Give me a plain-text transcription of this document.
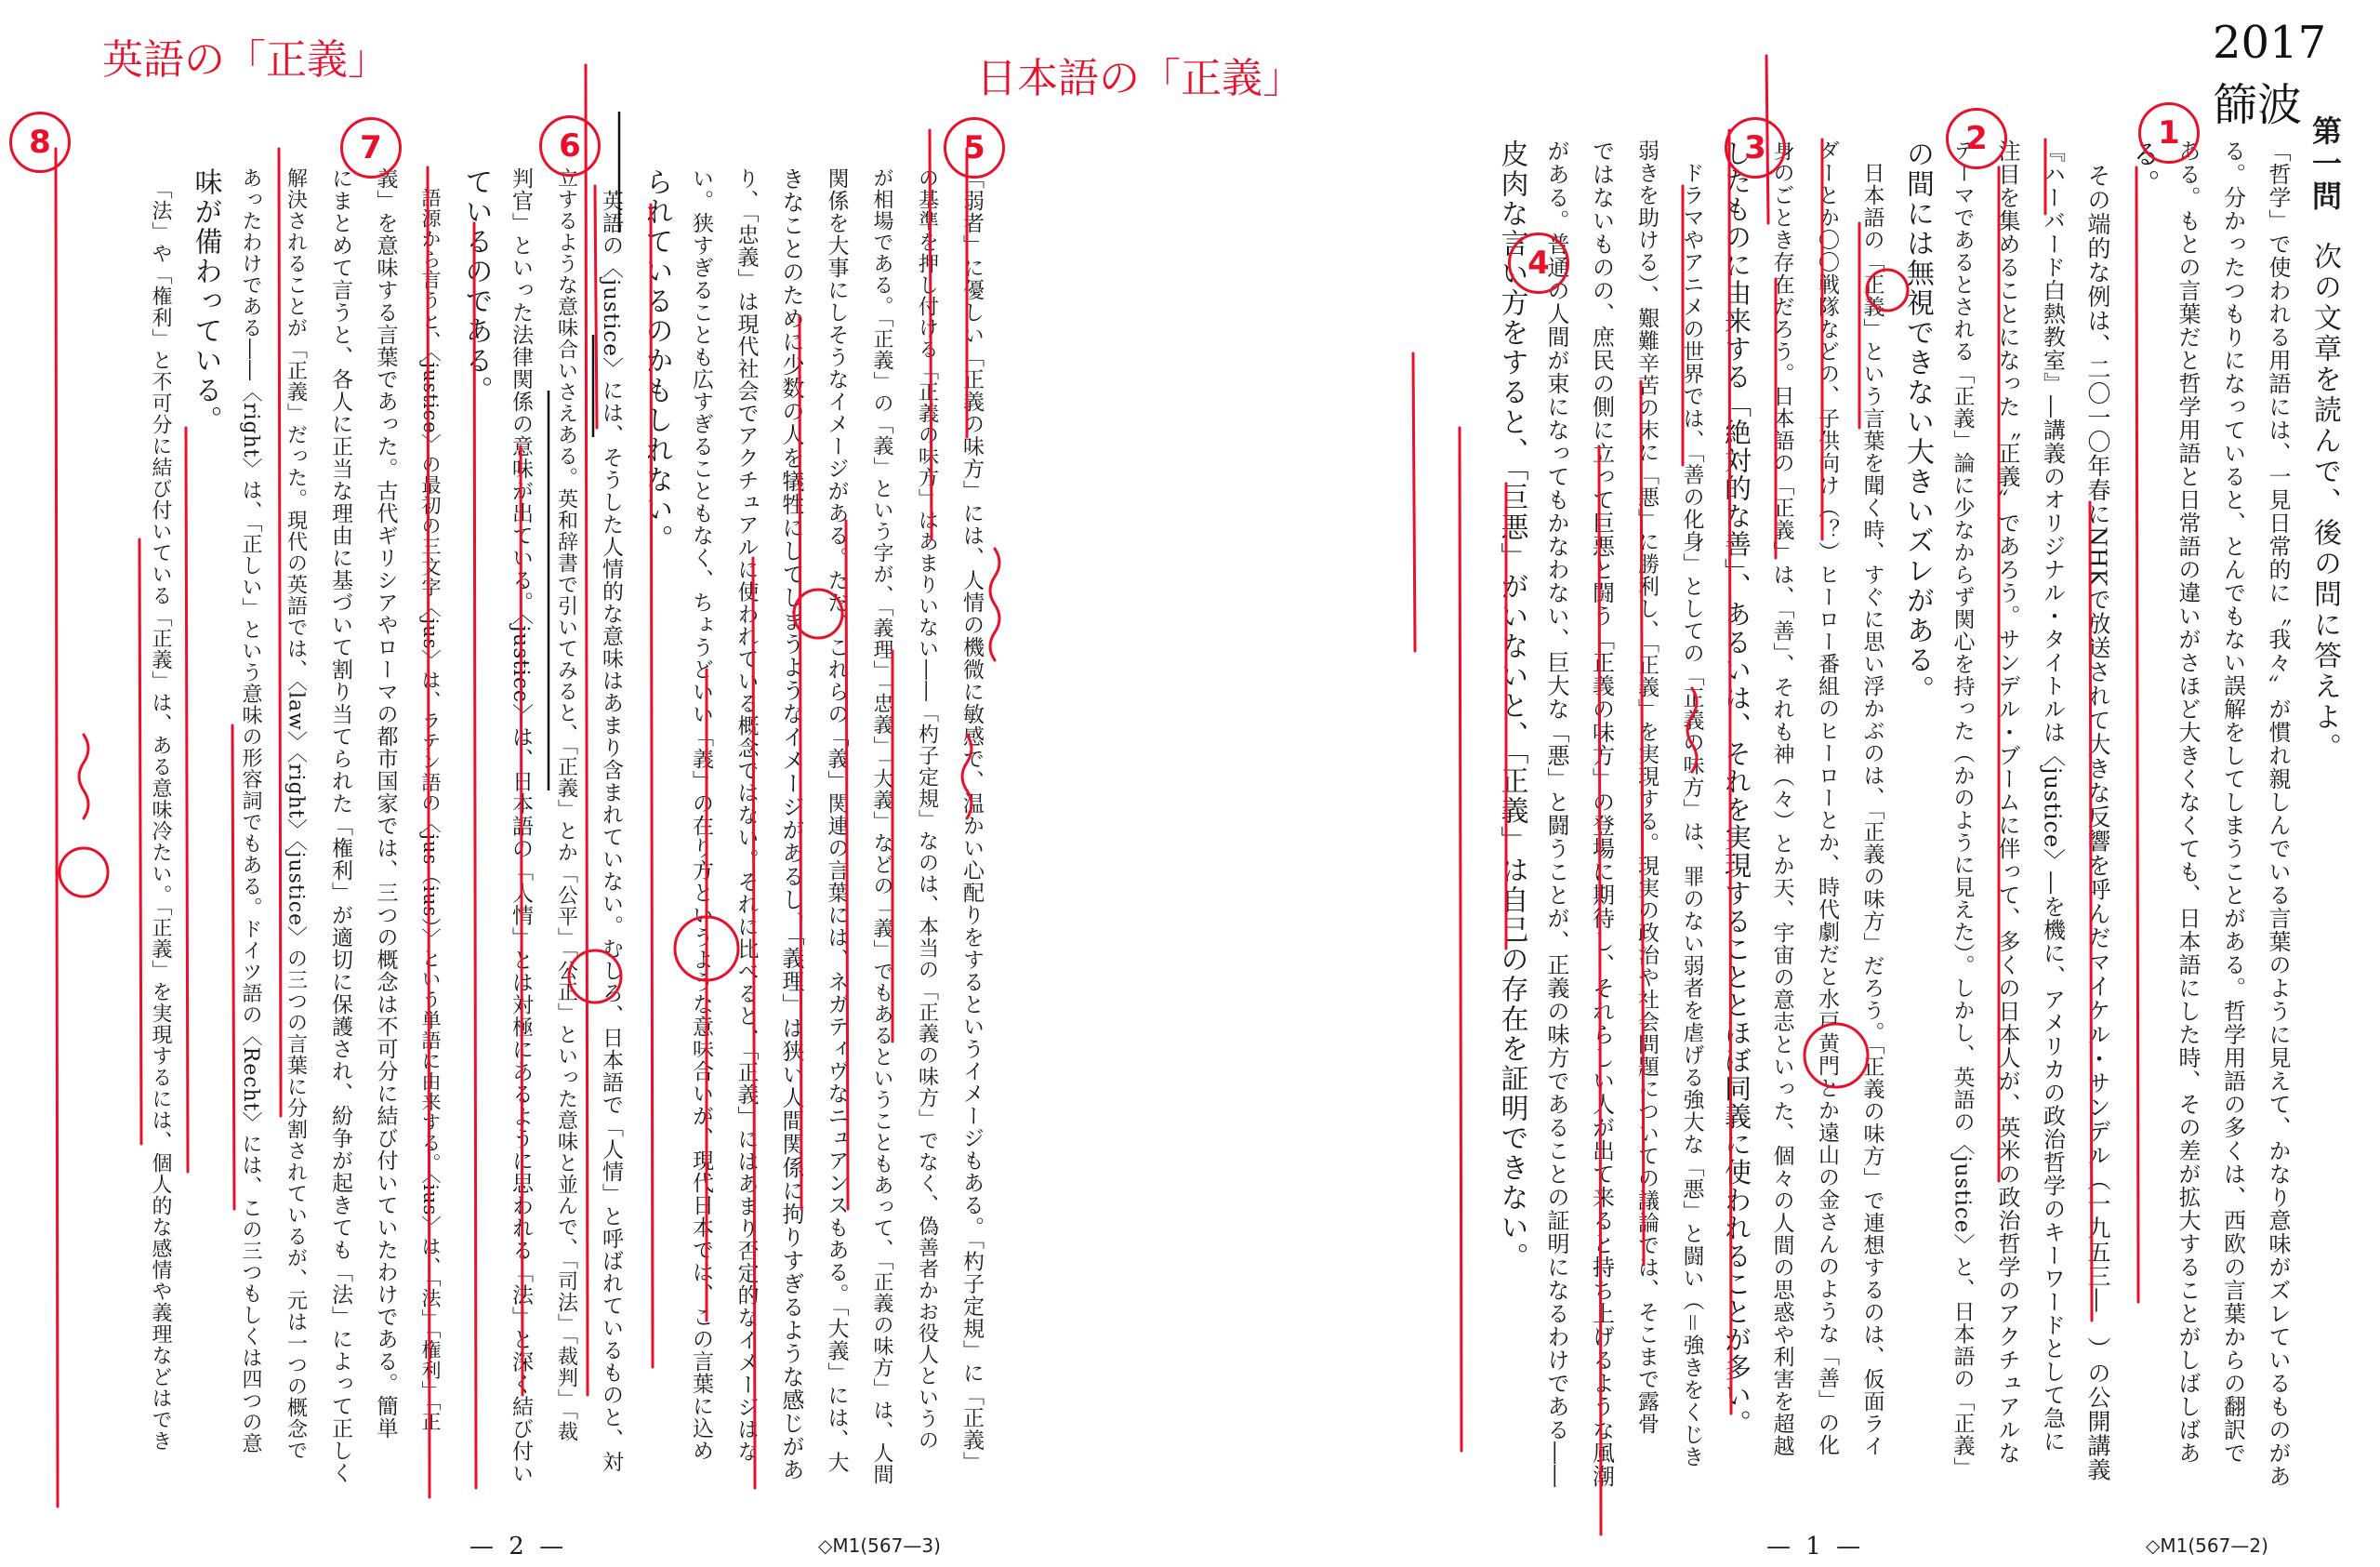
「弱者」に優しい「正義の味方」には、人情の機微に敏感で、温かい心配りをするというイメージもある。「杓子定規」に「正義」
の基準を押し付ける「正義の味方」はあまりいない――「杓子定規」なのは、本当の「正義の味方」でなく、偽善者かお役人というの
が相場である。「正義」の「義」という字が、「義理」「忠義」「大義」などの「義」でもあるということもあって、「正義の味方」は、人間
関係を大事にしそうなイメージがある。ただ、これらの「義」関連の言葉には、ネガティヴなニュアンスもある。「大義」には、大
きなことのために少数の人を犠牲にしてしまうようなイメージがあるし、「義理」は狭い人間関係に拘りすぎるような感じがあ
り、「忠義」は現代社会でアクチュアルに使われている概念ではない。それに比べると、「正義」にはあまり否定的なイメージはな
い。狭すぎることも広すぎることもなく、ちょうどいい「義」の在り方というような意味合いが、現代日本では、この言葉に込め
られているのかもしれない。
　英語の〈justice〉には、そうした人情的な意味はあまり含まれていない。むしろ、日本語で「人情」と呼ばれているものと、対
立するような意味合いさえある。英和辞書で引いてみると、「正義」とか「公平」「公正」といった意味と並んで、「司法」「裁判」「裁
判官」といった法律関係の意味が出ている。〈justice〉は、日本語の「人情」とは対極にあるように思われる「法」と深く結び付い
ているのである。
　語源から言うと、〈justice〉の最初の三文字〈jus〉は、ラテン語の〈jus（ius）〉という単語に由来する。〈ius〉は、「法」「権利」「正
義」を意味する言葉であった。古代ギリシアやローマの都市国家では、三つの概念は不可分に結び付いていたわけである。簡単
にまとめて言うと、各人に正当な理由に基づいて割り当てられた「権利」が適切に保護され、紛争が起きても「法」によって正しく
解決されることが「正義」だった。現代の英語では、〈law〉〈right〉〈justice〉の三つの言葉に分割されているが、元は一つの概念で
あったわけである――〈right〉は、「正しい」という意味の形容詞でもある。ドイツ語の〈Recht〉には、この三つもしくは四つの意
味が備わっている。
　「法」や「権利」と不可分に結び付いている「正義」は、ある意味冷たい。「正義」を実現するには、個人的な感情や義理などはでき
— 2 —	◇M1(567—3)
第一問
次の文章を読んで、後の問に答えよ。
「哲学」で使われる用語には、一見日常的に〝我々〟が慣れ親しんでいる言葉のように見えて、かなり意味がズレているものがあ
る。分かったつもりになっていると、とんでもない誤解をしてしまうことがある。哲学用語の多くは、西欧の言葉からの翻訳で
ある。もとの言葉だと哲学用語と日常語の違いがさほど大きくなくても、日本語にした時、その差が拡大することがしばしばあ
る。
　その端的な例は、二〇一〇年春にNHKで放送されて大きな反響を呼んだマイケル・サンデル（一九五三―　）の公開講義
『ハーバード白熱教室』―講義のオリジナル・タイトルは〈justice〉―を機に、アメリカの政治哲学のキーワードとして急に
注目を集めることになった〝正義〟であろう。サンデル・ブームに伴って、多くの日本人が、英米の政治哲学のアクチュアルな
テーマであるとされる「正義」論に少なからず関心を持った（かのように見えた）。しかし、英語の〈justice〉と、日本語の「正義」
の間には無視できない大きいズレがある。
　日本語の「正義」という言葉を聞く時、すぐに思い浮かぶのは、「正義の味方」だろう。「正義の味方」で連想するのは、仮面ライ
ダーとか〇〇戦隊などの、子供向け（？）ヒーロー番組のヒーローとか、時代劇だと水戸黄門とか遠山の金さんのような「善」の化
身のごとき存在だろう。日本語の「正義」は、「善」、それも神（々）とか天、宇宙の意志といった、個々の人間の思惑や利害を超越
したものに由来する「絶対的な善」、あるいは、それを実現することとほぼ同義に使われることが多い。
　ドラマやアニメの世界では、「善の化身」としての「正義の味方」は、罪のない弱者を虐げる強大な「悪」と闘い（＝強きをくじき
弱きを助ける）、艱難辛苦の末に「悪」に勝利し、「正義」を実現する。現実の政治や社会問題についての議論では、そこまで露骨
ではないものの、庶民の側に立って巨悪と闘う「正義の味方」の登場に期待し、それらしい人が出て来ると持ち上げるような風潮
がある。普通の人間が束になってもかなわない、巨大な「悪」と闘うことが、正義の味方であることの証明になるわけである――
皮肉な言い方をすると、「巨悪」がいないと、「正義」は自己の存在を証明できない。
— 1 —	◇M1(567—2)
2017 篩波
英語の「正義」	日本語の「正義」
1
2
3
4
5
6
7
8
